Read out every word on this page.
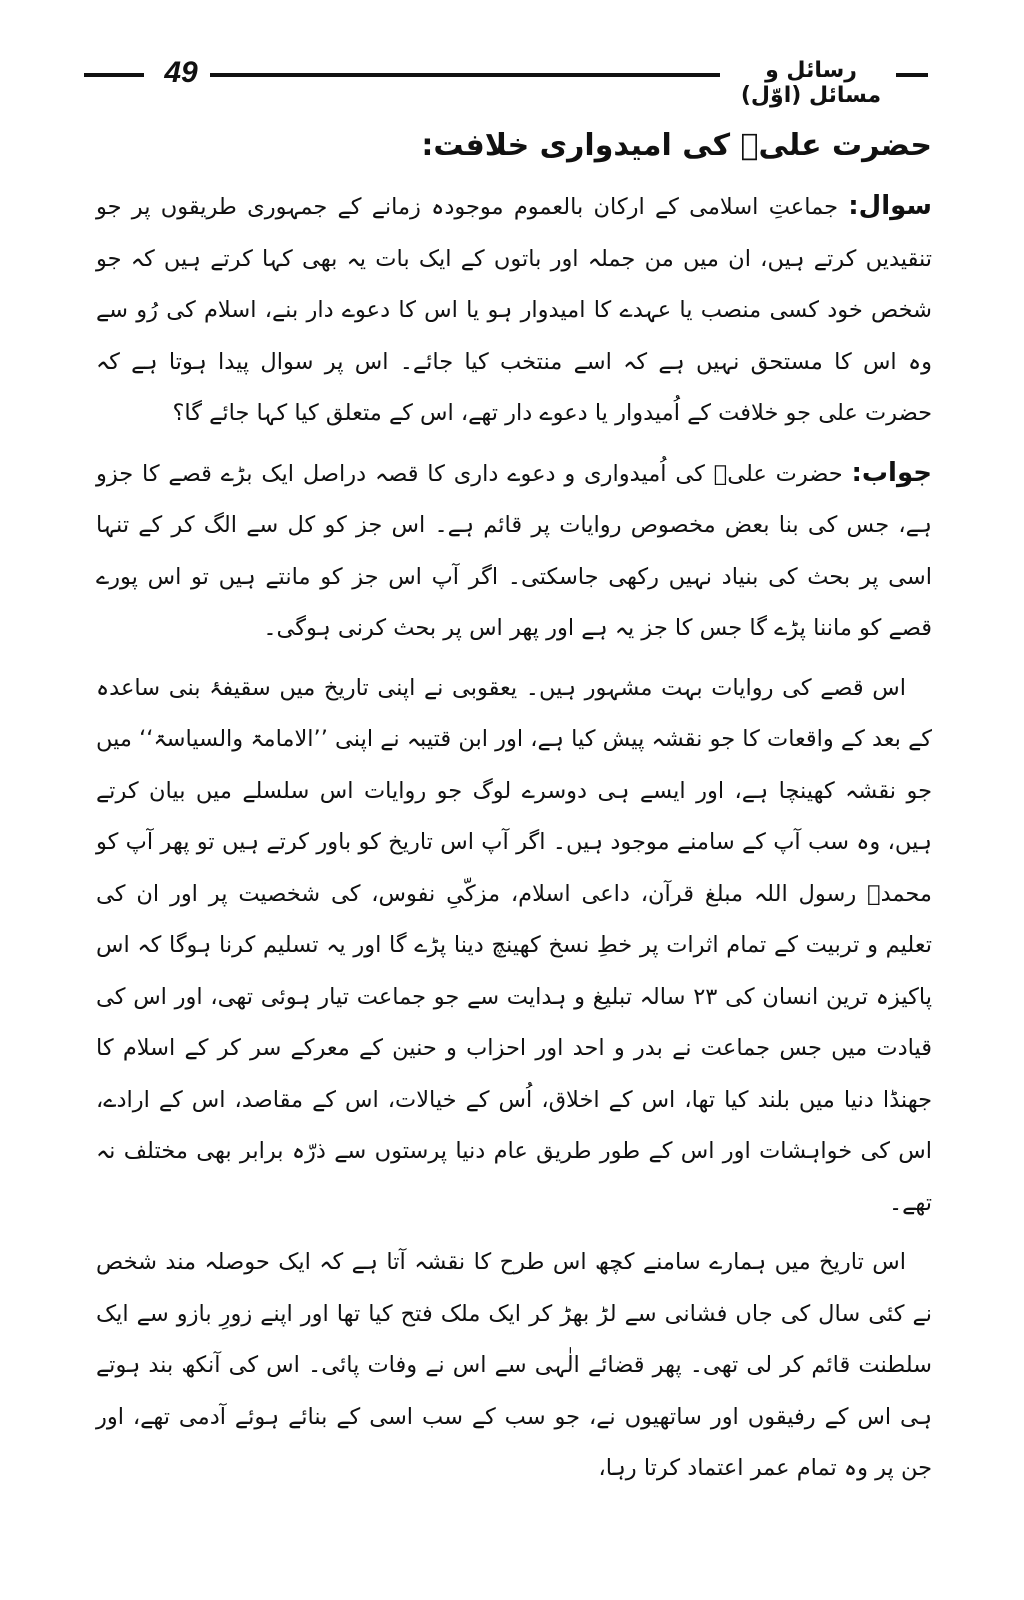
49	رسائل و مسائل (اوّل)
حضرت علیؓ کی امیدواری خلافت:

سوال: جماعتِ اسلامی کے ارکان بالعموم موجودہ زمانے کے جمہوری طریقوں پر جو تنقیدیں کرتے ہیں، ان میں من جملہ اور باتوں کے ایک بات یہ بھی کہا کرتے ہیں کہ جو شخص خود کسی منصب یا عہدے کا امیدوار ہو یا اس کا دعوے دار بنے، اسلام کی رُو سے وہ اس کا مستحق نہیں ہے کہ اسے منتخب کیا جائے۔ اس پر سوال پیدا ہوتا ہے کہ حضرت علی جو خلافت کے اُمیدوار یا دعوے دار تھے، اس کے متعلق کیا کہا جائے گا؟

جواب: حضرت علیؓ کی اُمیدواری و دعوے داری کا قصہ دراصل ایک بڑے قصے کا جزو ہے، جس کی بنا بعض مخصوص روایات پر قائم ہے۔ اس جز کو کل سے الگ کر کے تنہا اسی پر بحث کی بنیاد نہیں رکھی جاسکتی۔ اگر آپ اس جز کو مانتے ہیں تو اس پورے قصے کو ماننا پڑے گا جس کا جز یہ ہے اور پھر اس پر بحث کرنی ہوگی۔

اس قصے کی روایات بہت مشہور ہیں۔ یعقوبی نے اپنی تاریخ میں سقیفۂ بنی ساعدہ کے بعد کے واقعات کا جو نقشہ پیش کیا ہے، اور ابن قتیبہ نے اپنی ’’الامامۃ والسیاسۃ‘‘ میں جو نقشہ کھینچا ہے، اور ایسے ہی دوسرے لوگ جو روایات اس سلسلے میں بیان کرتے ہیں، وہ سب آپ کے سامنے موجود ہیں۔ اگر آپ اس تاریخ کو باور کرتے ہیں تو پھر آپ کو محمدؐ رسول اللہ مبلغ قرآن، داعی اسلام، مزکّیِ نفوس، کی شخصیت پر اور ان کی تعلیم و تربیت کے تمام اثرات پر خطِ نسخ کھینچ دینا پڑے گا اور یہ تسلیم کرنا ہوگا کہ اس پاکیزہ ترین انسان کی ۲۳ سالہ تبلیغ و ہدایت سے جو جماعت تیار ہوئی تھی، اور اس کی قیادت میں جس جماعت نے بدر و احد اور احزاب و حنین کے معرکے سر کر کے اسلام کا جھنڈا دنیا میں بلند کیا تھا، اس کے اخلاق، اُس کے خیالات، اس کے مقاصد، اس کے ارادے، اس کی خواہشات اور اس کے طور طریق عام دنیا پرستوں سے ذرّہ برابر بھی مختلف نہ تھے۔

اس تاریخ میں ہمارے سامنے کچھ اس طرح کا نقشہ آتا ہے کہ ایک حوصلہ مند شخص نے کئی سال کی جاں فشانی سے لڑ بھڑ کر ایک ملک فتح کیا تھا اور اپنے زورِ بازو سے ایک سلطنت قائم کر لی تھی۔ پھر قضائے الٰہی سے اس نے وفات پائی۔ اس کی آنکھ بند ہوتے ہی اس کے رفیقوں اور ساتھیوں نے، جو سب کے سب اسی کے بنائے ہوئے آدمی تھے، اور جن پر وہ تمام عمر اعتماد کرتا رہا،
